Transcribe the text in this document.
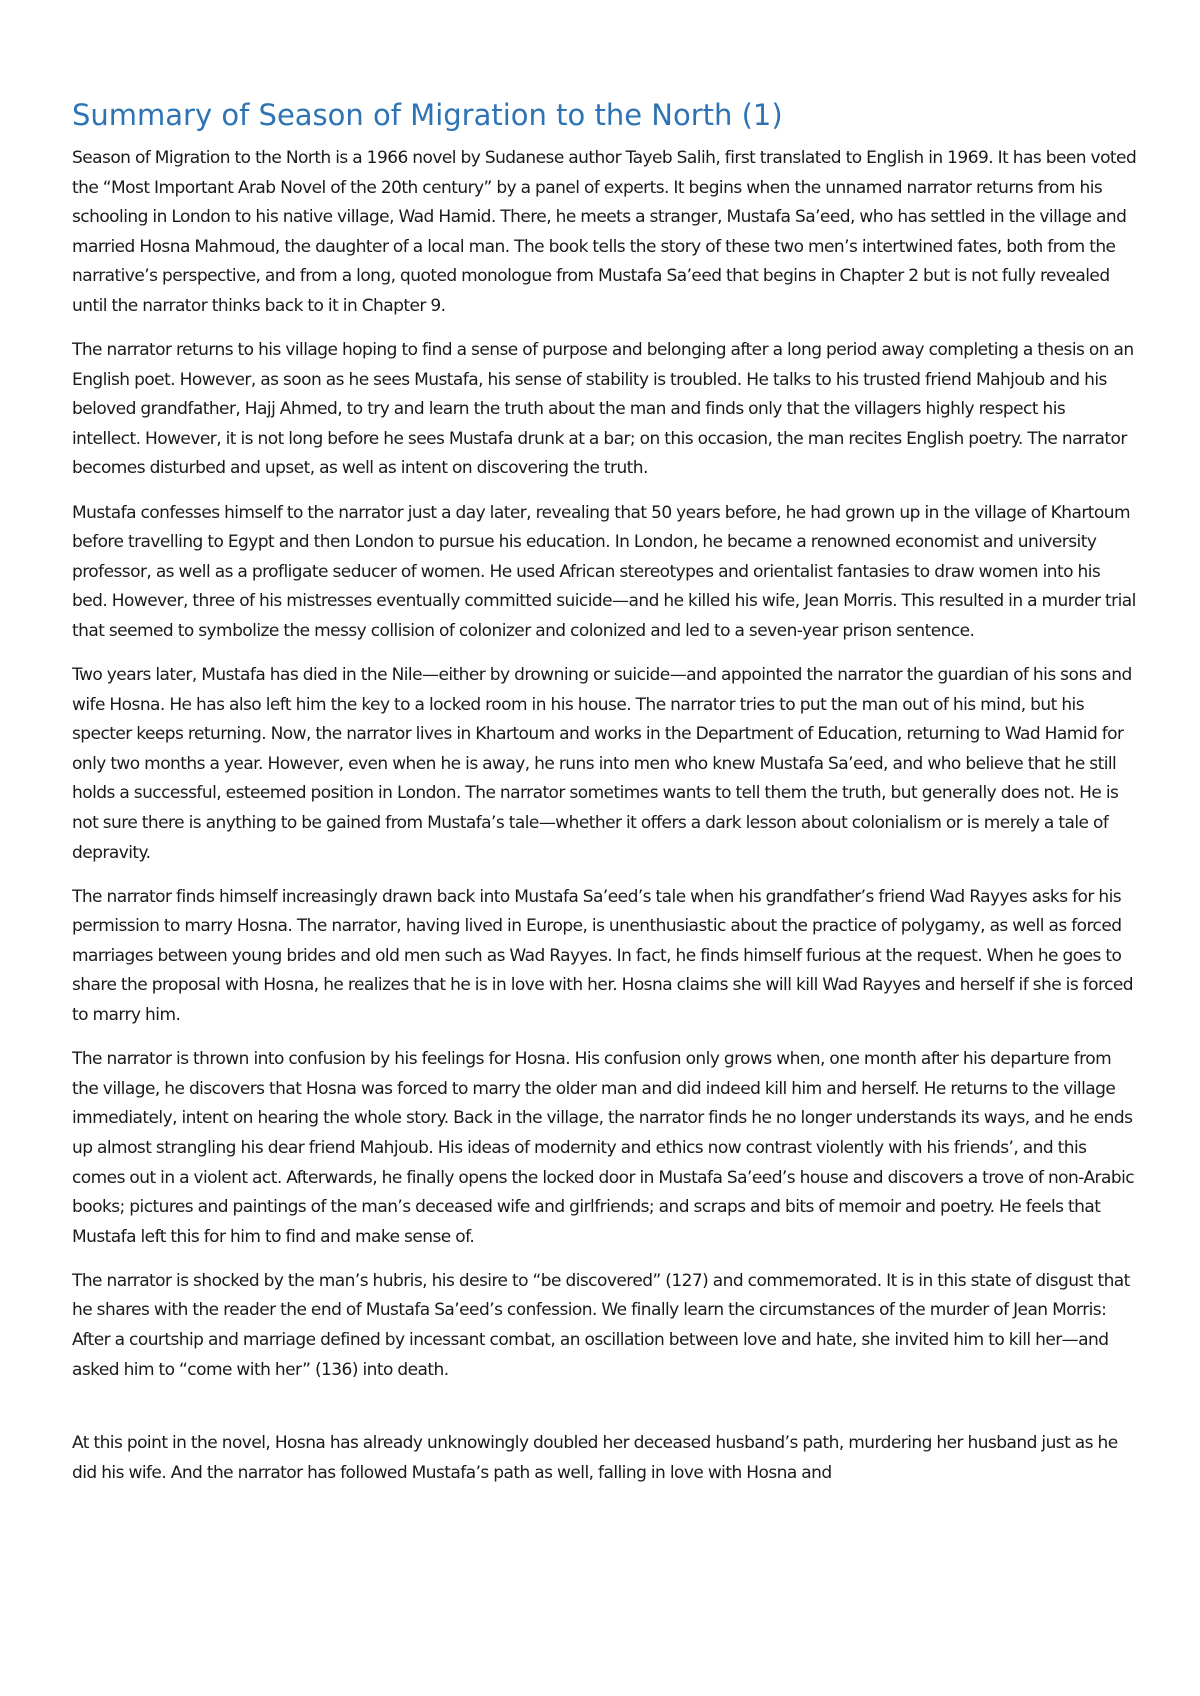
Summary of Season of Migration to the North (1)

Season of Migration to the North is a 1966 novel by Sudanese author Tayeb Salih, first translated to English in 1969. It has been voted the “Most Important Arab Novel of the 20th century” by a panel of experts. It begins when the unnamed narrator returns from his schooling in London to his native village, Wad Hamid. There, he meets a stranger, Mustafa Sa’eed, who has settled in the village and married Hosna Mahmoud, the daughter of a local man. The book tells the story of these two men’s intertwined fates, both from the narrative’s perspective, and from a long, quoted monologue from Mustafa Sa’eed that begins in Chapter 2 but is not fully revealed until the narrator thinks back to it in Chapter 9.

The narrator returns to his village hoping to find a sense of purpose and belonging after a long period away completing a thesis on an English poet. However, as soon as he sees Mustafa, his sense of stability is troubled. He talks to his trusted friend Mahjoub and his beloved grandfather, Hajj Ahmed, to try and learn the truth about the man and finds only that the villagers highly respect his intellect. However, it is not long before he sees Mustafa drunk at a bar; on this occasion, the man recites English poetry. The narrator becomes disturbed and upset, as well as intent on discovering the truth.

Mustafa confesses himself to the narrator just a day later, revealing that 50 years before, he had grown up in the village of Khartoum before travelling to Egypt and then London to pursue his education. In London, he became a renowned economist and university professor, as well as a profligate seducer of women. He used African stereotypes and orientalist fantasies to draw women into his bed. However, three of his mistresses eventually committed suicide—and he killed his wife, Jean Morris. This resulted in a murder trial that seemed to symbolize the messy collision of colonizer and colonized and led to a seven-year prison sentence.

Two years later, Mustafa has died in the Nile—either by drowning or suicide—and appointed the narrator the guardian of his sons and wife Hosna. He has also left him the key to a locked room in his house. The narrator tries to put the man out of his mind, but his specter keeps returning. Now, the narrator lives in Khartoum and works in the Department of Education, returning to Wad Hamid for only two months a year. However, even when he is away, he runs into men who knew Mustafa Sa’eed, and who believe that he still holds a successful, esteemed position in London. The narrator sometimes wants to tell them the truth, but generally does not. He is not sure there is anything to be gained from Mustafa’s tale—whether it offers a dark lesson about colonialism or is merely a tale of depravity.

The narrator finds himself increasingly drawn back into Mustafa Sa’eed’s tale when his grandfather’s friend Wad Rayyes asks for his permission to marry Hosna. The narrator, having lived in Europe, is unenthusiastic about the practice of polygamy, as well as forced marriages between young brides and old men such as Wad Rayyes. In fact, he finds himself furious at the request. When he goes to share the proposal with Hosna, he realizes that he is in love with her. Hosna claims she will kill Wad Rayyes and herself if she is forced to marry him.

The narrator is thrown into confusion by his feelings for Hosna. His confusion only grows when, one month after his departure from the village, he discovers that Hosna was forced to marry the older man and did indeed kill him and herself. He returns to the village immediately, intent on hearing the whole story. Back in the village, the narrator finds he no longer understands its ways, and he ends up almost strangling his dear friend Mahjoub. His ideas of modernity and ethics now contrast violently with his friends’, and this comes out in a violent act. Afterwards, he finally opens the locked door in Mustafa Sa’eed’s house and discovers a trove of non-Arabic books; pictures and paintings of the man’s deceased wife and girlfriends; and scraps and bits of memoir and poetry. He feels that Mustafa left this for him to find and make sense of.

The narrator is shocked by the man’s hubris, his desire to “be discovered” (127) and commemorated. It is in this state of disgust that he shares with the reader the end of Mustafa Sa’eed’s confession. We finally learn the circumstances of the murder of Jean Morris: After a courtship and marriage defined by incessant combat, an oscillation between love and hate, she invited him to kill her—and asked him to “come with her” (136) into death.

At this point in the novel, Hosna has already unknowingly doubled her deceased husband’s path, murdering her husband just as he did his wife. And the narrator has followed Mustafa’s path as well, falling in love with Hosna and
